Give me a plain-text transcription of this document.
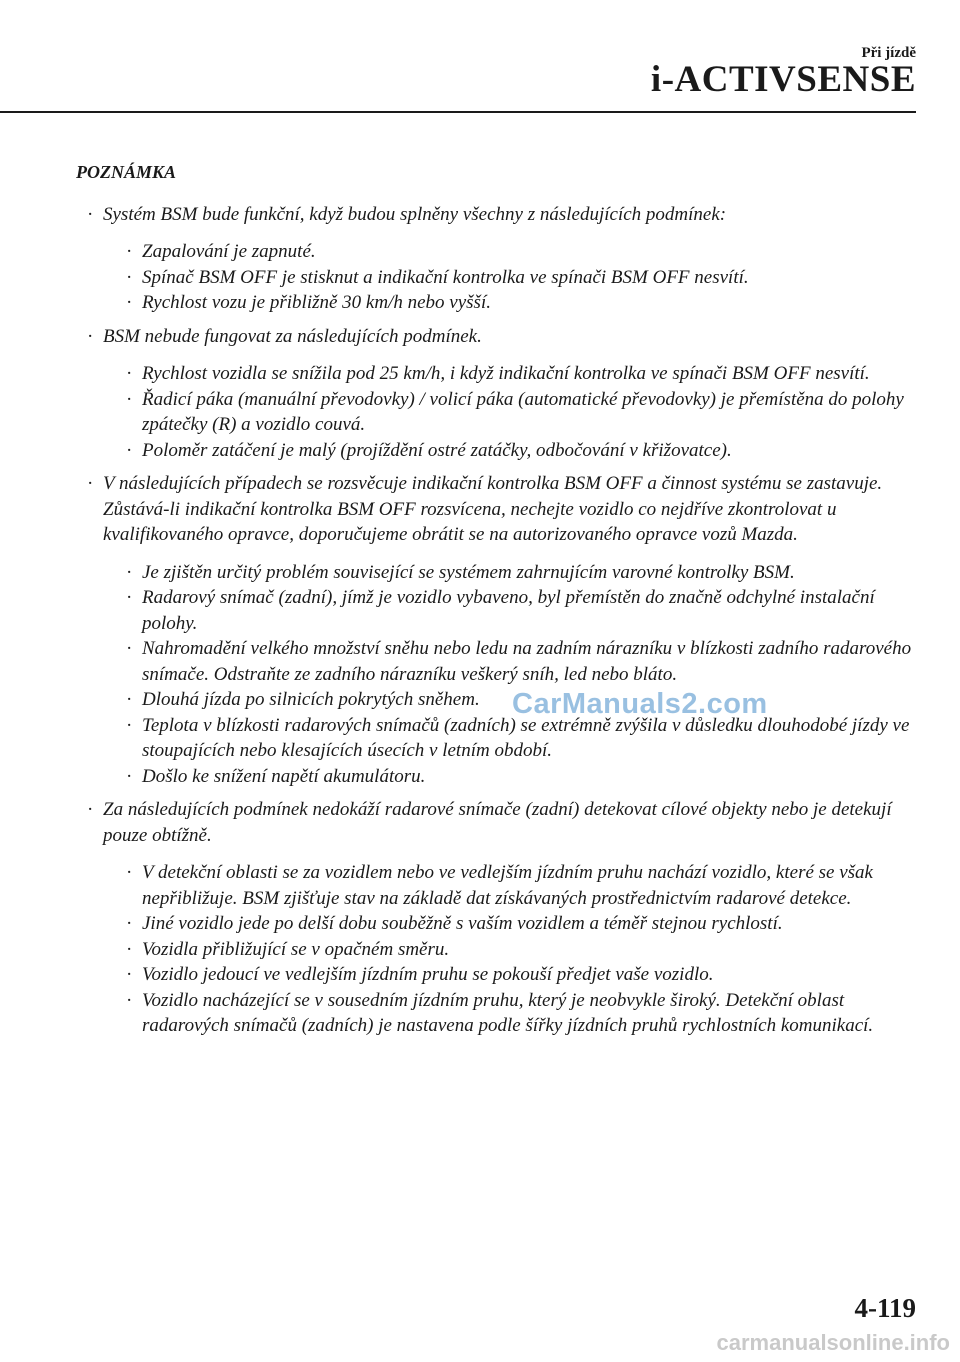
Při jízdě
i-ACTIVSENSE
POZNÁMKA
· Systém BSM bude funkční, když budou splněny všechny z následujících podmínek:
· Zapalování je zapnuté.
· Spínač BSM OFF je stisknut a indikační kontrolka ve spínači BSM OFF nesvítí.
· Rychlost vozu je přibližně 30 km/h nebo vyšší.
· BSM nebude fungovat za následujících podmínek.
· Rychlost vozidla se snížila pod 25 km/h, i když indikační kontrolka ve spínači BSM OFF nesvítí.
· Řadicí páka (manuální převodovky) / volicí páka (automatické převodovky) je přemístěna do polohy zpátečky (R) a vozidlo couvá.
· Poloměr zatáčení je malý (projíždění ostré zatáčky, odbočování v křižovatce).
· V následujících případech se rozsvěcuje indikační kontrolka BSM OFF a činnost systému se zastavuje. Zůstává-li indikační kontrolka BSM OFF rozsvícena, nechejte vozidlo co nejdříve zkontrolovat u kvalifikovaného opravce, doporučujeme obrátit se na autorizovaného opravce vozů Mazda.
· Je zjištěn určitý problém související se systémem zahrnujícím varovné kontrolky BSM.
· Radarový snímač (zadní), jímž je vozidlo vybaveno, byl přemístěn do značně odchylné instalační polohy.
· Nahromadění velkého množství sněhu nebo ledu na zadním nárazníku v blízkosti zadního radarového snímače. Odstraňte ze zadního nárazníku veškerý sníh, led nebo bláto.
· Dlouhá jízda po silnicích pokrytých sněhem.
· Teplota v blízkosti radarových snímačů (zadních) se extrémně zvýšila v důsledku dlouhodobé jízdy ve stoupajících nebo klesajících úsecích v letním období.
· Došlo ke snížení napětí akumulátoru.
· Za následujících podmínek nedokáží radarové snímače (zadní) detekovat cílové objekty nebo je detekují pouze obtížně.
· V detekční oblasti se za vozidlem nebo ve vedlejším jízdním pruhu nachází vozidlo, které se však nepřibližuje. BSM zjišťuje stav na základě dat získávaných prostřednictvím radarové detekce.
· Jiné vozidlo jede po delší dobu souběžně s vaším vozidlem a téměř stejnou rychlostí.
· Vozidla přibližující se v opačném směru.
· Vozidlo jedoucí ve vedlejším jízdním pruhu se pokouší předjet vaše vozidlo.
· Vozidlo nacházející se v sousedním jízdním pruhu, který je neobvykle široký. Detekční oblast radarových snímačů (zadních) je nastavena podle šířky jízdních pruhů rychlostních komunikací.
CarManuals2.com
4-119
carmanualsonline.info
